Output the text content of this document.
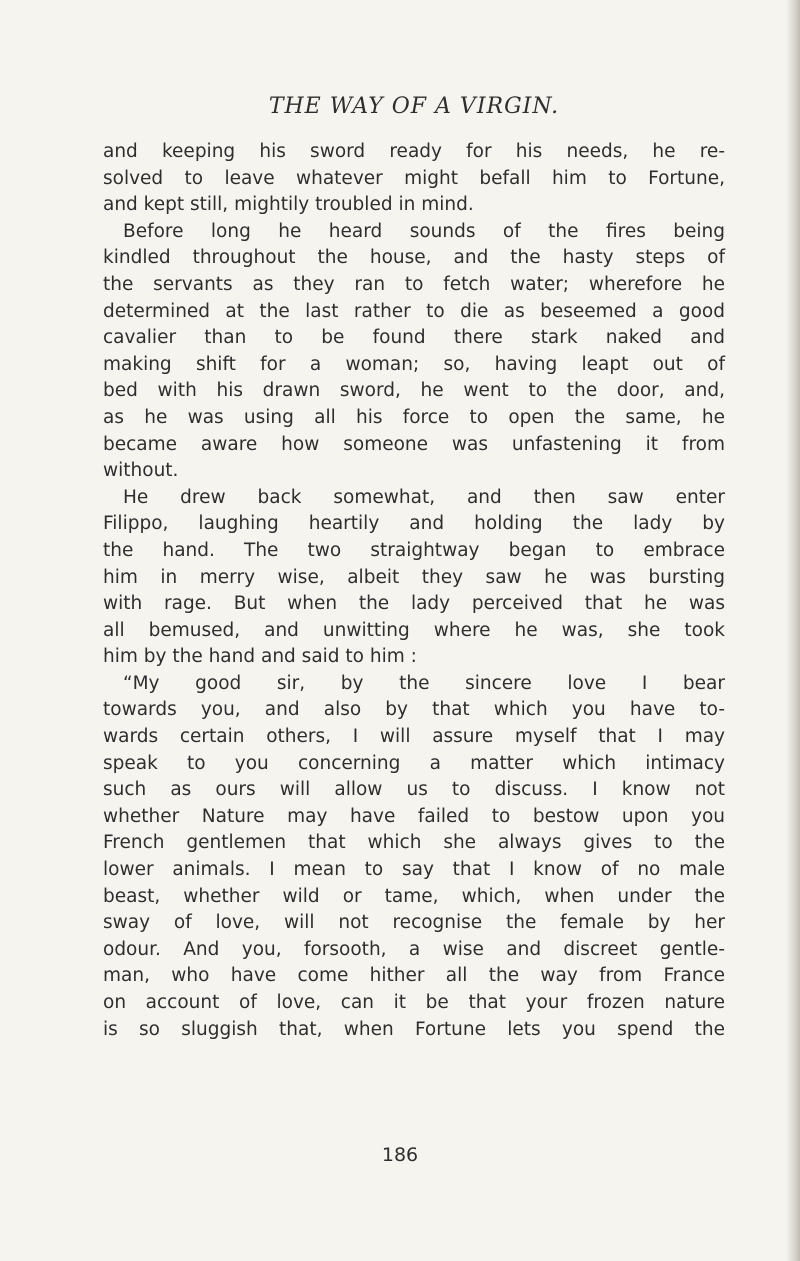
THE WAY OF A VIRGIN.
and keeping his sword ready for his needs, he re-
solved to leave whatever might befall him to Fortune,
and kept still, mightily troubled in mind.
Before long he heard sounds of the fires being
kindled throughout the house, and the hasty steps of
the servants as they ran to fetch water; wherefore he
determined at the last rather to die as beseemed a good
cavalier than to be found there stark naked and
making shift for a woman; so, having leapt out of
bed with his drawn sword, he went to the door, and,
as he was using all his force to open the same, he
became aware how someone was unfastening it from
without.
He drew back somewhat, and then saw enter
Filippo, laughing heartily and holding the lady by
the hand. The two straightway began to embrace
him in merry wise, albeit they saw he was bursting
with rage. But when the lady perceived that he was
all bemused, and unwitting where he was, she took
him by the hand and said to him :
“My good sir, by the sincere love I bear
towards you, and also by that which you have to-
wards certain others, I will assure myself that I may
speak to you concerning a matter which intimacy
such as ours will allow us to discuss. I know not
whether Nature may have failed to bestow upon you
French gentlemen that which she always gives to the
lower animals. I mean to say that I know of no male
beast, whether wild or tame, which, when under the
sway of love, will not recognise the female by her
odour. And you, forsooth, a wise and discreet gentle-
man, who have come hither all the way from France
on account of love, can it be that your frozen nature
is so sluggish that, when Fortune lets you spend the
186
